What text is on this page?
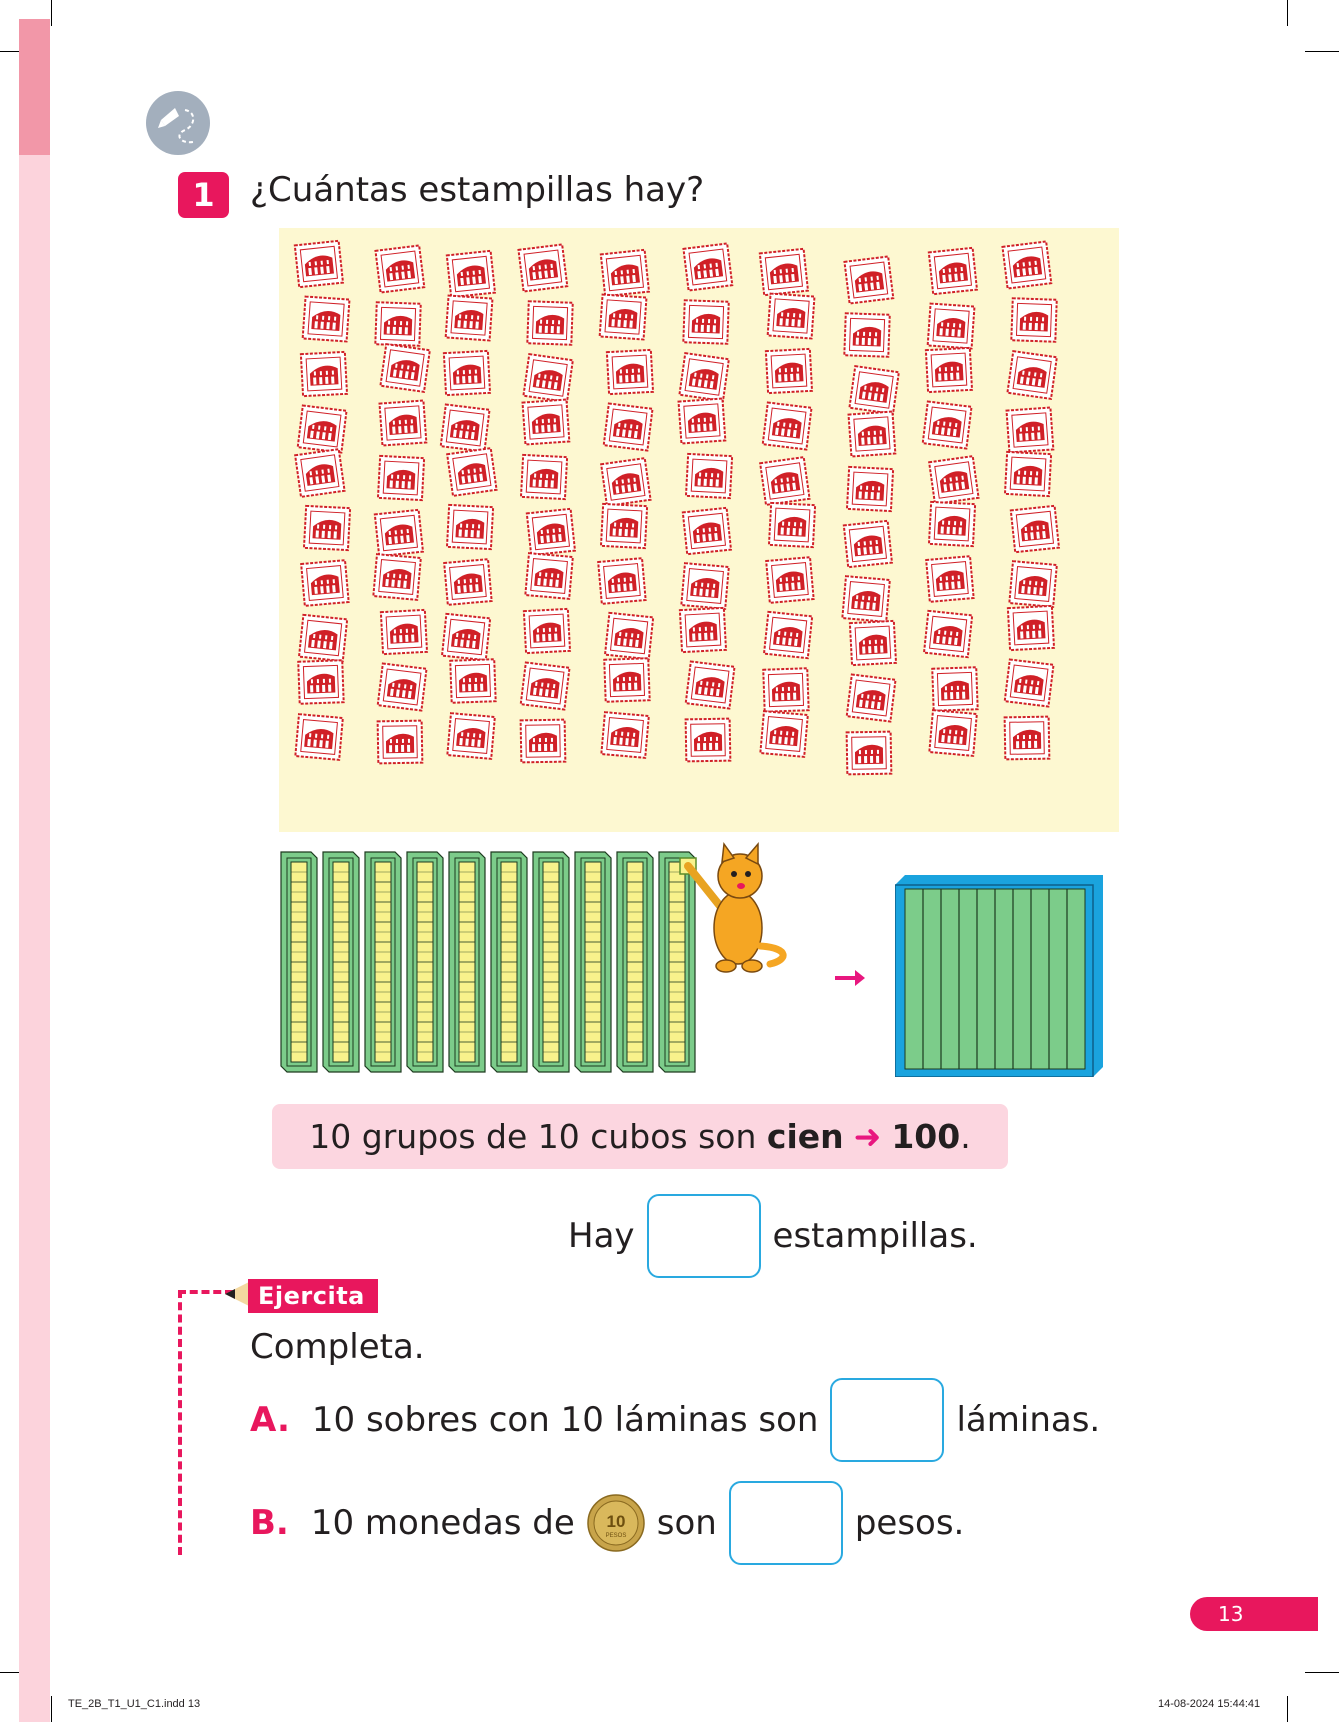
1	¿Cuántas estampillas hay?
10 grupos de 10 cubos son
cien ➜ 100 .
Hay	estampillas.
Ejercita
Completa.
A. 10 sobres con 10 láminas son	láminas.
B. 10 monedas de 10
PESOS son	pesos.
13
TE_2B_T1_U1_C1.indd 13	14-08-2024 15:44:41
